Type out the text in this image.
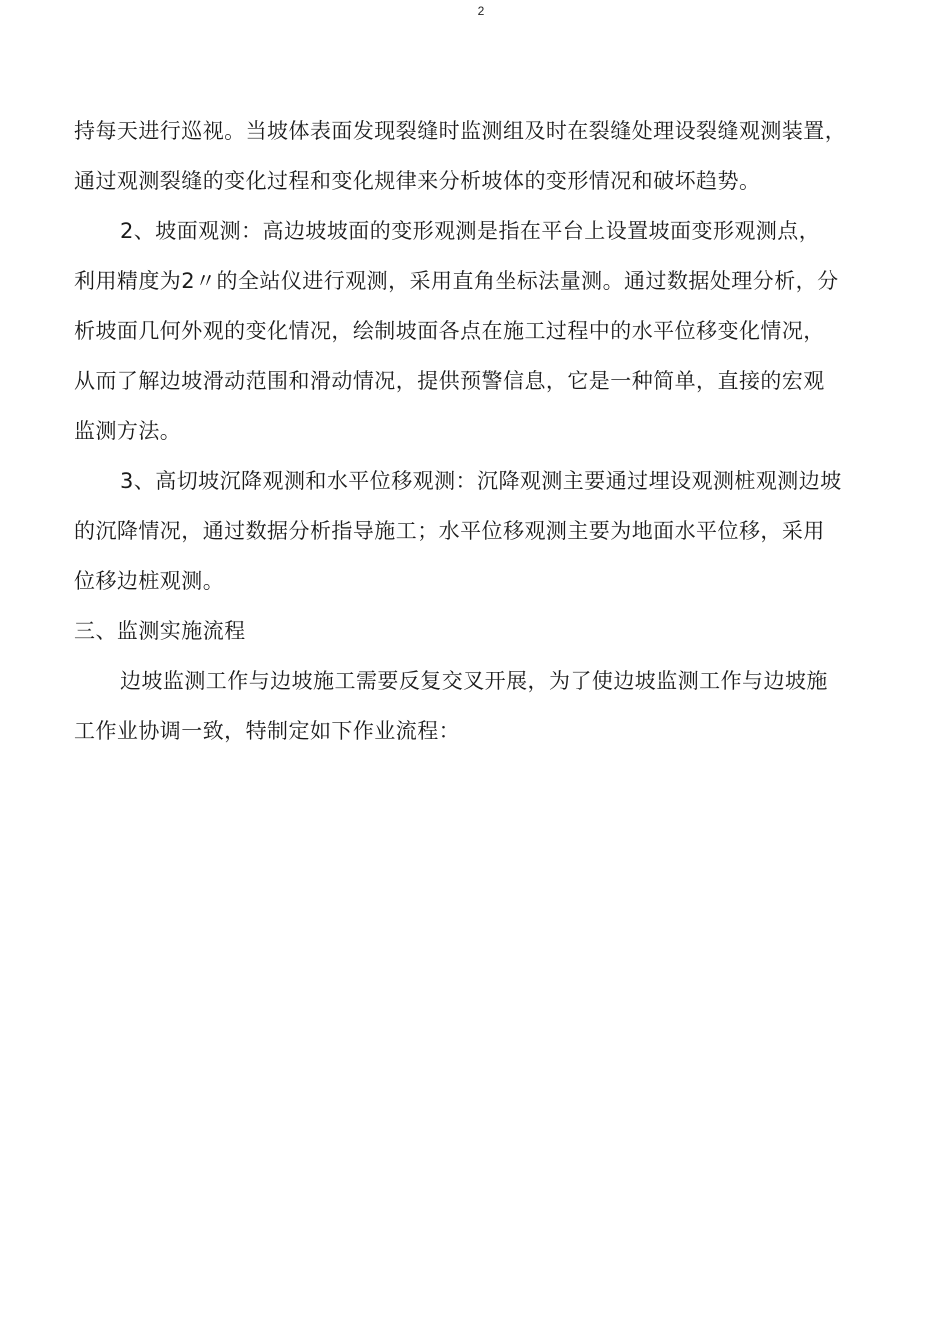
2
持每天进行巡视。当坡体表面发现裂缝时监测组及时在裂缝处理设裂缝观测装置，
通过观测裂缝的变化过程和变化规律来分析坡体的变形情况和破坏趋势。
2、坡面观测：高边坡坡面的变形观测是指在平台上设置坡面变形观测点，
利用精度为2〃的全站仪进行观测，采用直角坐标法量测。通过数据处理分析，分
析坡面几何外观的变化情况，绘制坡面各点在施工过程中的水平位移变化情况，
从而了解边坡滑动范围和滑动情况，提供预警信息，它是一种简单，直接的宏观
监测方法。
3、高切坡沉降观测和水平位移观测：沉降观测主要通过埋设观测桩观测边坡
的沉降情况，通过数据分析指导施工；水平位移观测主要为地面水平位移，采用
位移边桩观测。
三、监测实施流程
边坡监测工作与边坡施工需要反复交叉开展，为了使边坡监测工作与边坡施
工作业协调一致，特制定如下作业流程：
